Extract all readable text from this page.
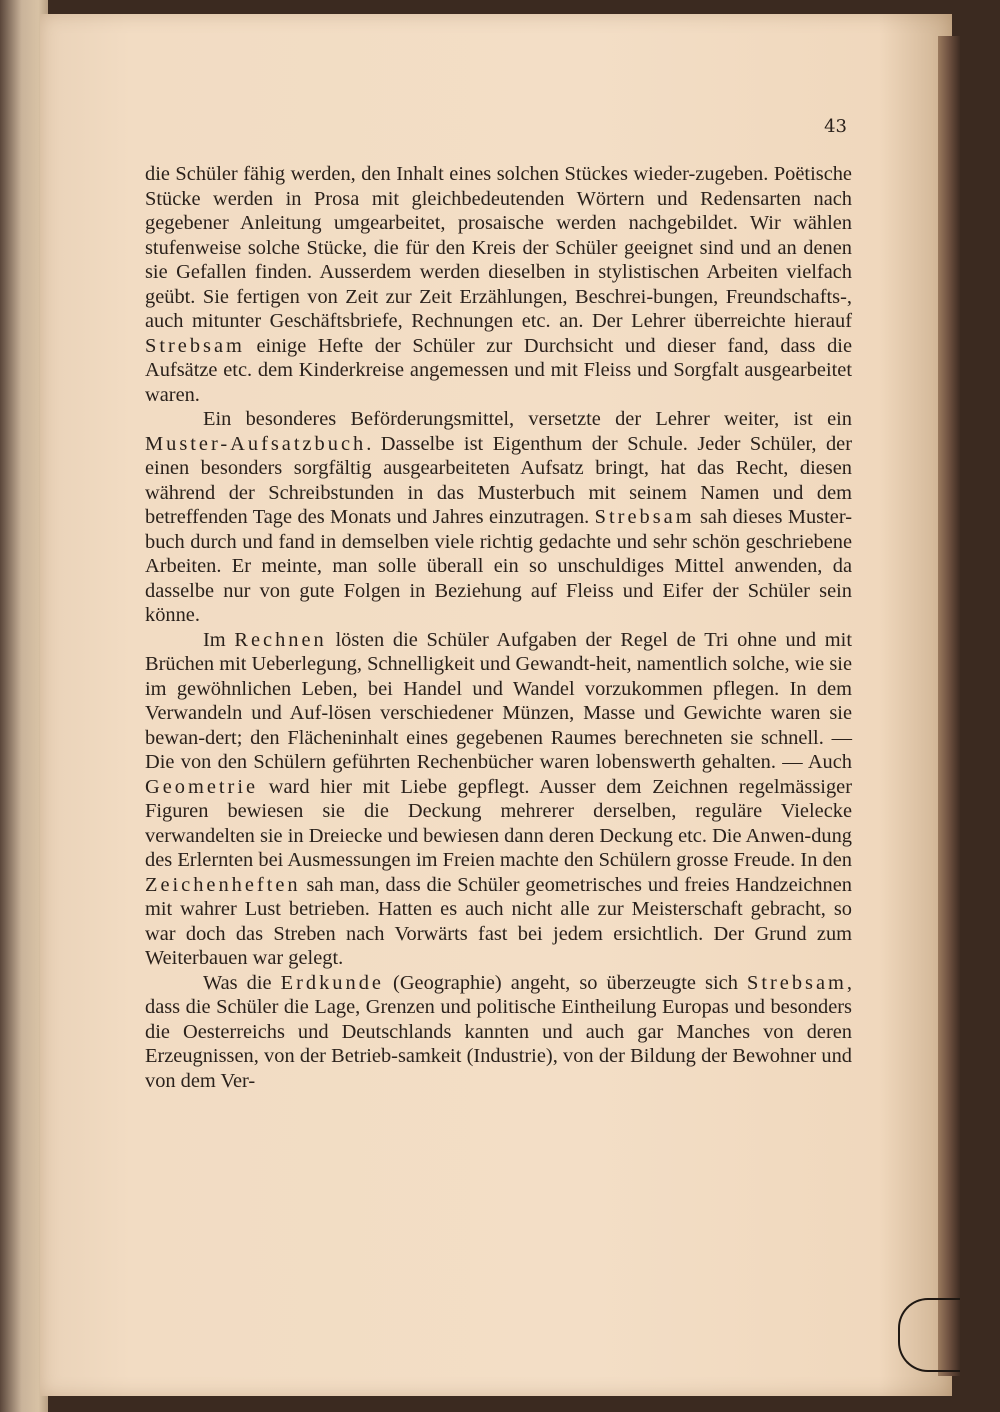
43

die Schüler fähig werden, den Inhalt eines solchen Stückes wieder-zugeben. Poëtische Stücke werden in Prosa mit gleichbedeutenden Wörtern und Redensarten nach gegebener Anleitung umgearbeitet, prosaische werden nachgebildet. Wir wählen stufenweise solche Stücke, die für den Kreis der Schüler geeignet sind und an denen sie Gefallen finden. Ausserdem werden dieselben in stylistischen Arbeiten vielfach geübt. Sie fertigen von Zeit zur Zeit Erzählungen, Beschrei-bungen, Freundschafts-, auch mitunter Geschäftsbriefe, Rechnungen etc. an. Der Lehrer überreichte hierauf Strebsam einige Hefte der Schüler zur Durchsicht und dieser fand, dass die Aufsätze etc. dem Kinderkreise angemessen und mit Fleiss und Sorgfalt ausgearbeitet waren.

Ein besonderes Beförderungsmittel, versetzte der Lehrer weiter, ist ein Muster-Aufsatzbuch. Dasselbe ist Eigenthum der Schule. Jeder Schüler, der einen besonders sorgfältig ausgearbeiteten Aufsatz bringt, hat das Recht, diesen während der Schreibstunden in das Musterbuch mit seinem Namen und dem betreffenden Tage des Monats und Jahres einzutragen. Strebsam sah dieses Muster-buch durch und fand in demselben viele richtig gedachte und sehr schön geschriebene Arbeiten. Er meinte, man solle überall ein so unschuldiges Mittel anwenden, da dasselbe nur von gute Folgen in Beziehung auf Fleiss und Eifer der Schüler sein könne.

Im Rechnen lösten die Schüler Aufgaben der Regel de Tri ohne und mit Brüchen mit Ueberlegung, Schnelligkeit und Gewandt-heit, namentlich solche, wie sie im gewöhnlichen Leben, bei Handel und Wandel vorzukommen pflegen. In dem Verwandeln und Auf-lösen verschiedener Münzen, Masse und Gewichte waren sie bewan-dert; den Flächeninhalt eines gegebenen Raumes berechneten sie schnell. — Die von den Schülern geführten Rechenbücher waren lobenswerth gehalten. — Auch Geometrie ward hier mit Liebe gepflegt. Ausser dem Zeichnen regelmässiger Figuren bewiesen sie die Deckung mehrerer derselben, reguläre Vielecke verwandelten sie in Dreiecke und bewiesen dann deren Deckung etc. Die Anwen-dung des Erlernten bei Ausmessungen im Freien machte den Schülern grosse Freude. In den Zeichenheften sah man, dass die Schüler geometrisches und freies Handzeichnen mit wahrer Lust betrieben. Hatten es auch nicht alle zur Meisterschaft gebracht, so war doch das Streben nach Vorwärts fast bei jedem ersichtlich. Der Grund zum Weiterbauen war gelegt.

Was die Erdkunde (Geographie) angeht, so überzeugte sich Strebsam, dass die Schüler die Lage, Grenzen und politische Eintheilung Europas und besonders die Oesterreichs und Deutschlands kannten und auch gar Manches von deren Erzeugnissen, von der Betrieb-samkeit (Industrie), von der Bildung der Bewohner und von dem Ver-
